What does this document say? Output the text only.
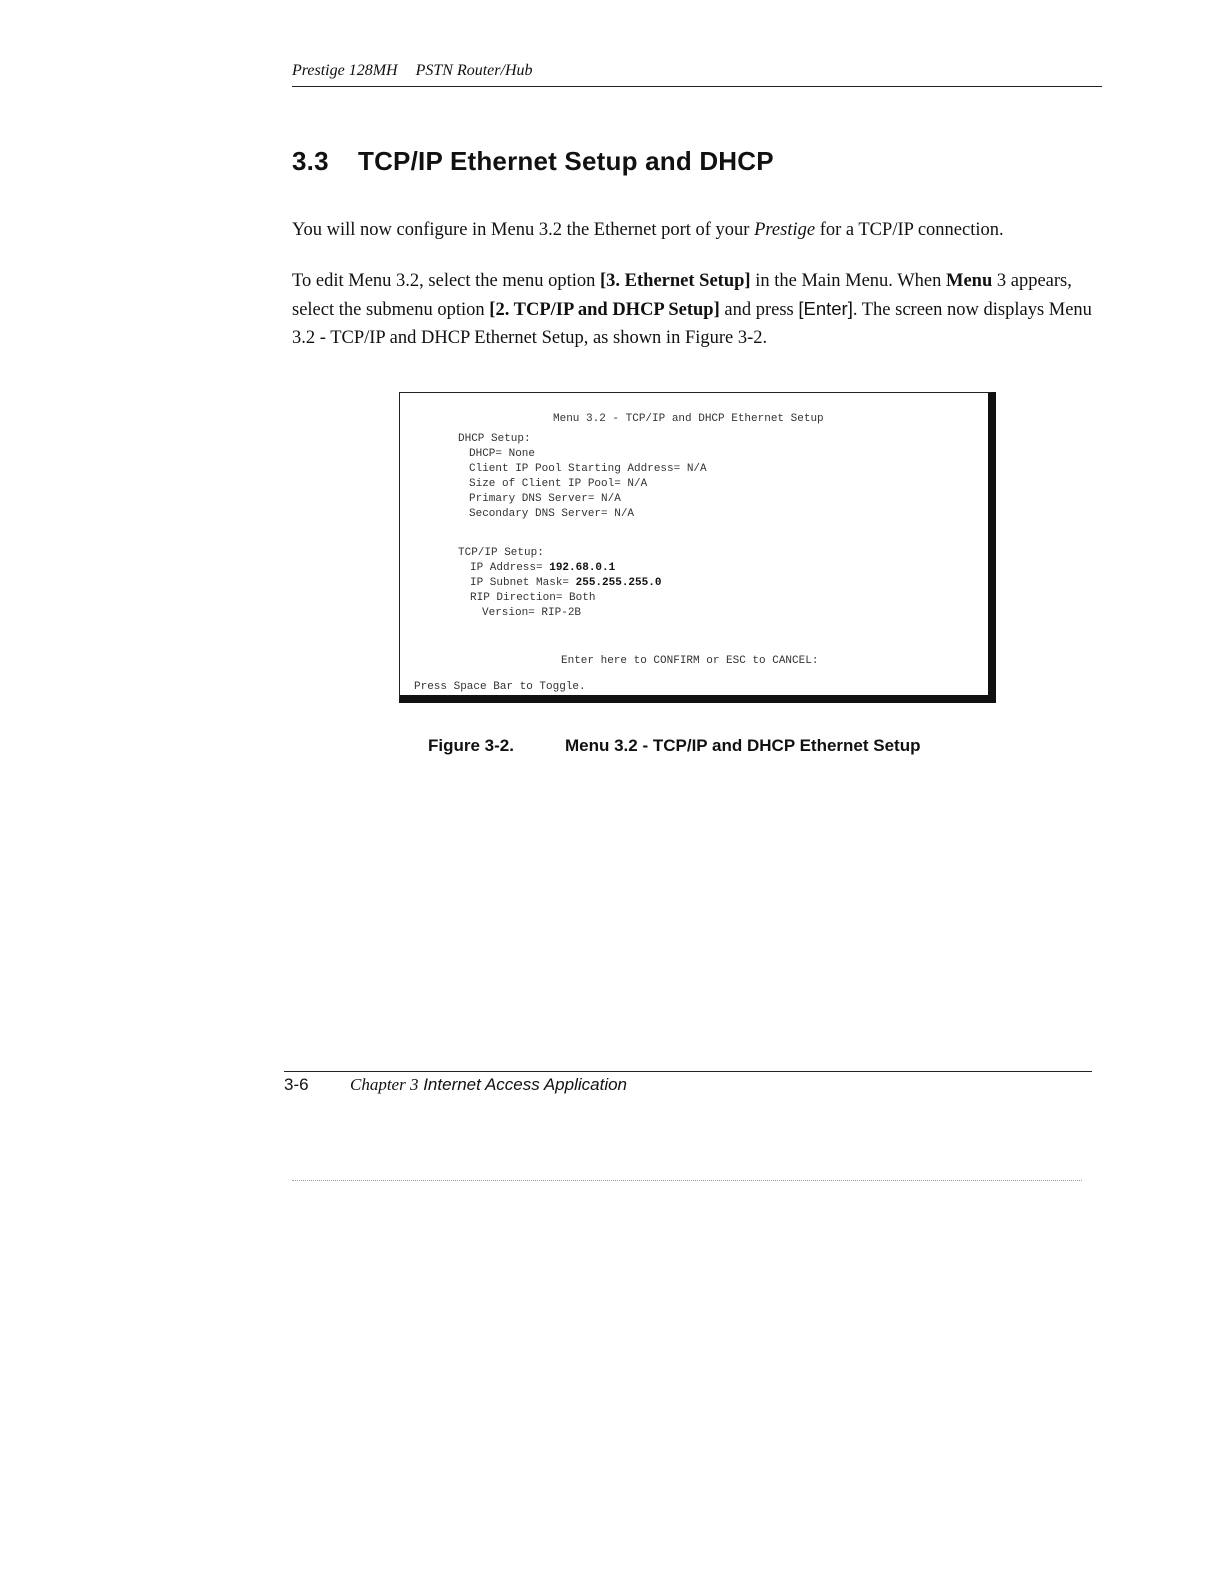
Prestige 128MH PSTN Router/Hub
3.3 TCP/IP Ethernet Setup and DHCP

You will now configure in Menu 3.2 the Ethernet port of your Prestige for a TCP/IP connection.

To edit Menu 3.2, select the menu option [3. Ethernet Setup] in the Main Menu. When Menu 3 appears, select the submenu option [2. TCP/IP and DHCP Setup] and press [Enter]. The screen now displays Menu 3.2 - TCP/IP and DHCP Ethernet Setup, as shown in Figure 3-2.

Menu 3.2 - TCP/IP and DHCP Ethernet Setup
DHCP Setup:
DHCP= None
Client IP Pool Starting Address= N/A
Size of Client IP Pool= N/A
Primary DNS Server= N/A
Secondary DNS Server= N/A
TCP/IP Setup:
IP Address= 192.68.0.1
IP Subnet Mask= 255.255.255.0
RIP Direction= Both
Version= RIP-2B
Enter here to CONFIRM or ESC to CANCEL:
Press Space Bar to Toggle.
Figure 3-2.	Menu 3.2 - TCP/IP and DHCP Ethernet Setup
3-6 Chapter 3 Internet Access Application
